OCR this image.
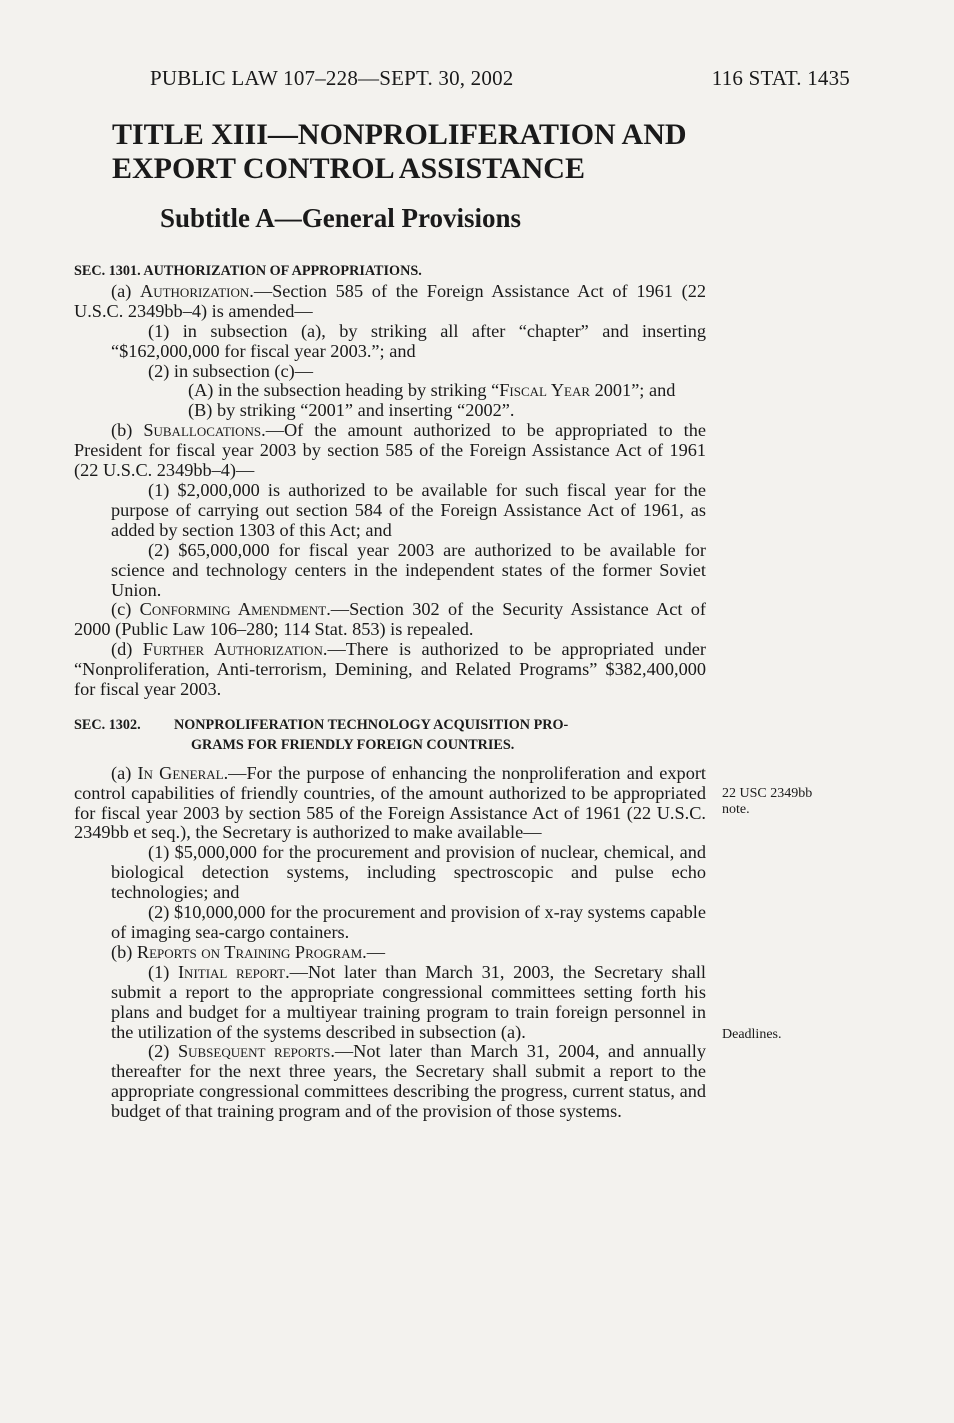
PUBLIC LAW 107–228—SEPT. 30, 2002	116 STAT. 1435
TITLE XIII—NONPROLIFERATION AND
EXPORT CONTROL ASSISTANCE
Subtitle A—General Provisions
SEC. 1301. AUTHORIZATION OF APPROPRIATIONS.

(a) Authorization.—Section 585 of the Foreign Assistance Act of 1961 (22 U.S.C. 2349bb–4) is amended—

(1) in subsection (a), by striking all after “chapter” and inserting “$162,000,000 for fiscal year 2003.”; and

(2) in subsection (c)—

(A) in the subsection heading by striking “Fiscal Year 2001”; and

(B) by striking “2001” and inserting “2002”.

(b) Suballocations.—Of the amount authorized to be appropriated to the President for fiscal year 2003 by section 585 of the Foreign Assistance Act of 1961 (22 U.S.C. 2349bb–4)—

(1) $2,000,000 is authorized to be available for such fiscal year for the purpose of carrying out section 584 of the Foreign Assistance Act of 1961, as added by section 1303 of this Act; and

(2) $65,000,000 for fiscal year 2003 are authorized to be available for science and technology centers in the independent states of the former Soviet Union.

(c) Conforming Amendment.—Section 302 of the Security Assistance Act of 2000 (Public Law 106–280; 114 Stat. 853) is repealed.

(d) Further Authorization.—There is authorized to be appropriated under “Nonproliferation, Anti-terrorism, Demining, and Related Programs” $382,400,000 for fiscal year 2003.

SEC. 1302.	NONPROLIFERATION TECHNOLOGY ACQUISITION PRO-
GRAMS FOR FRIENDLY FOREIGN COUNTRIES.

(a) In General.—For the purpose of enhancing the nonproliferation and export control capabilities of friendly countries, of the amount authorized to be appropriated for fiscal year 2003 by section 585 of the Foreign Assistance Act of 1961 (22 U.S.C. 2349bb et seq.), the Secretary is authorized to make available—

(1) $5,000,000 for the procurement and provision of nuclear, chemical, and biological detection systems, including spectroscopic and pulse echo technologies; and

(2) $10,000,000 for the procurement and provision of x-ray systems capable of imaging sea-cargo containers.

(b) Reports on Training Program.—

(1) Initial report.—Not later than March 31, 2003, the Secretary shall submit a report to the appropriate congressional committees setting forth his plans and budget for a multiyear training program to train foreign personnel in the utilization of the systems described in subsection (a).

(2) Subsequent reports.—Not later than March 31, 2004, and annually thereafter for the next three years, the Secretary shall submit a report to the appropriate congressional committees describing the progress, current status, and budget of that training program and of the provision of those systems.

22 USC 2349bb
note.
Deadlines.
